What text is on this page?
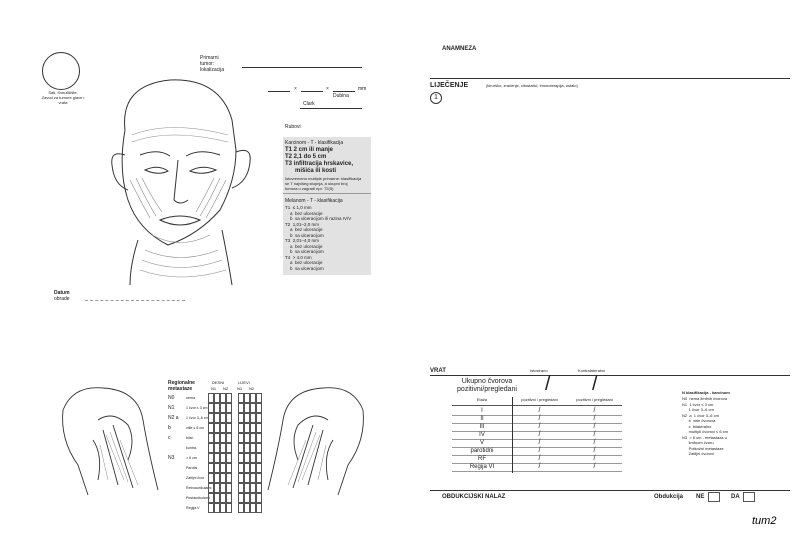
Sati, Sveučilište,
Zavod za tumore glave i vrata
Primarni
tumor:
lokalizacija
×	×	mm
Dubina
Clark
Rubovi
Karcinom - T - klasifikacija
T1 2 cm ili manje
T2 2,1 do 5 cm
T3 infiltracija hrskavice,
mišića ili kosti
Istovremeno multiple primarne: klasifikacija
se T najvišeg stupnja, a ukupni broj
tumora u zagradi npr. T2(5)
Melanom - T - klasifikacija
T1  ≤ 1,0 mm
a  bez ulceracije
b  sa ulceracijom ili razina IV/V
T2  1,01–2,0 mm
a  bez ulceracije
b  sa ulceracijom
T3  2,01–4,0 mm
a  bez ulceracije
b  sa ulceracijom
T4  > 4,0 mm
a  bez ulceracije
b  sa ulceracijom
Datum
obrade
ANAMNEZA
LIJEČENJE	(kirurško, zračenje, citostatici, imunoterapija, ostalo)
1
Regionalne
metastaze
DESNI	LIJEVI
N1 N2 N1 N2
N0	nema
N1	1 čvor ≤ 3 cm
N2 a 1 čvor 3–6 cm
b	više ≤ 6 cm
c	bilat.
kontra.
N3	> 6 cm
Parotis
Zatiljni čvor
Retroaurikularni
Postaurikularni
Regija V
VRAT	Istostrano	Kontralateralno
Ukupno čvorova
pozitivni/pregledani / /
Etaža	pozitivni / pregledani	pozitivni / pregledani
I	/	/
II	/	/
III	/	/
IV	/	/
V	/	/
parotidni	/	/
RF	/	/
Regija VI	/	/
N klasifikacija - karcinom
N0  nema limfnih čvorova
N1  1 čvor ≤ 3 cm
1 čvor 3–6 cm
N2  a  1 čvor 3–6 cm
b  više čvorova
c  bilateralno
multipli čvorovi ≤ 6 cm
N3  > 6 cm - metastaza u
limfnom čvoru
Potkožni metastaze
Zatiljni čvorovi
OBDUKCIJSKI NALAZ	Obdukcija NE	DA
tum2
